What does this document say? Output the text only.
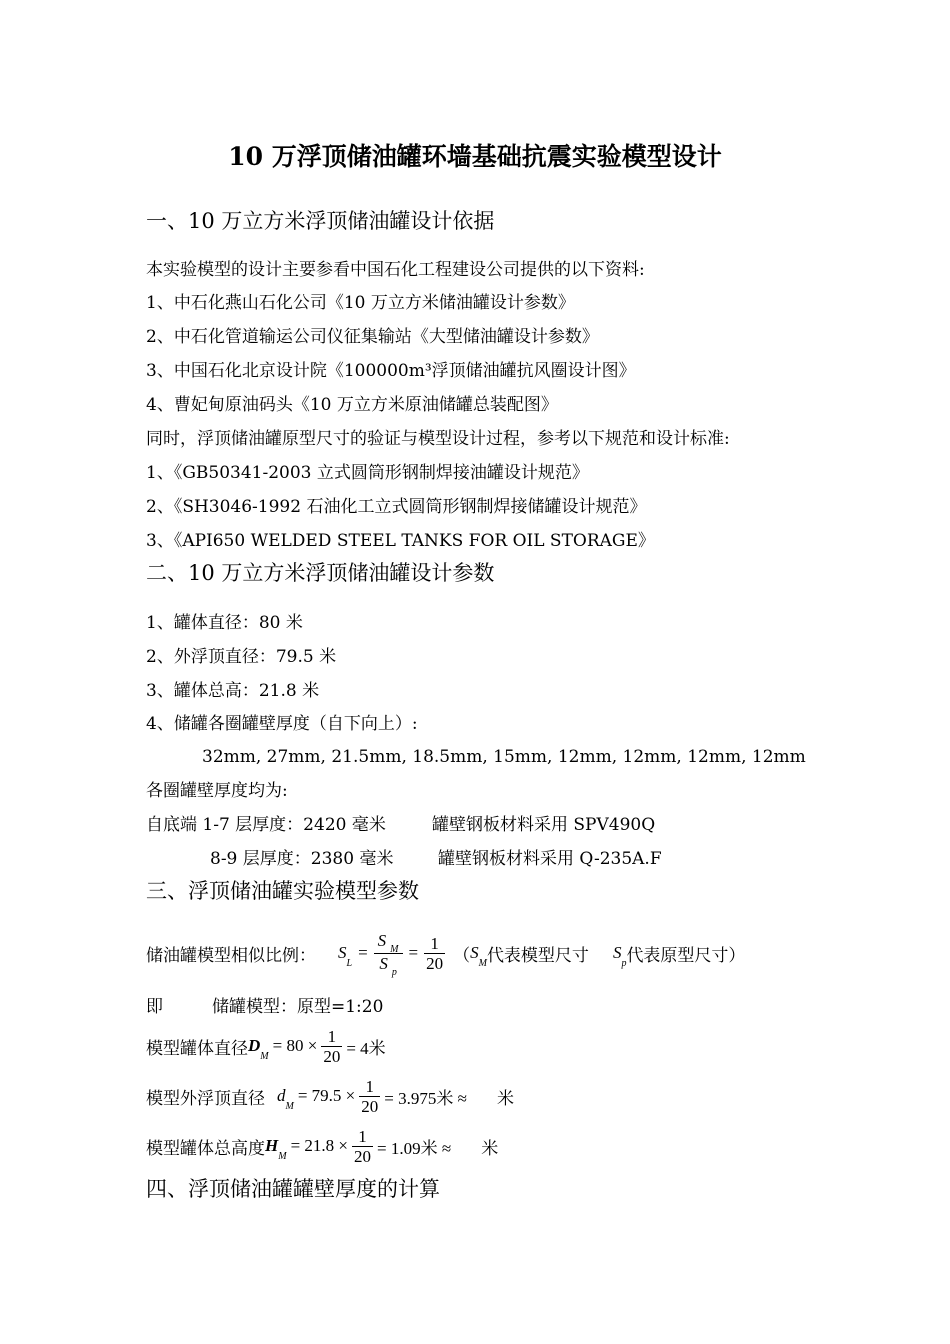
10 万浮顶储油罐环墙基础抗震实验模型设计
一、10 万立方米浮顶储油罐设计依据
本实验模型的设计主要参看中国石化工程建设公司提供的以下资料:
1、中石化燕山石化公司《10 万立方米储油罐设计参数》
2、中石化管道输运公司仪征集输站《大型储油罐设计参数》
3、中国石化北京设计院《100000m³浮顶储油罐抗风圈设计图》
4、曹妃甸原油码头《10 万立方米原油储罐总装配图》
同时，浮顶储油罐原型尺寸的验证与模型设计过程，参考以下规范和设计标准:
1、《GB50341-2003 立式圆筒形钢制焊接油罐设计规范》
2、《SH3046-1992 石油化工立式圆筒形钢制焊接储罐设计规范》
3、《API650 WELDED STEEL TANKS FOR OIL STORAGE》
二、10 万立方米浮顶储油罐设计参数
1、罐体直径：80 米
2、外浮顶直径：79.5 米
3、罐体总高：21.8 米
4、储罐各圈罐壁厚度（自下向上）:
32mm, 27mm, 21.5mm, 18.5mm, 15mm, 12mm, 12mm, 12mm, 12mm
各圈罐壁厚度均为:
自底端 1-7 层厚度：2420 毫米	罐壁钢板材料采用 SPV490Q
8-9 层厚度：2380 毫米	罐壁钢板材料采用 Q-235A.F
三、浮顶储油罐实验模型参数
储油罐模型相似比例： S
L
= $\frac{S _M}{S _p} = \frac{1}{20}$ （ S
M 代表模型尺寸 S
p 代表原型尺寸）
即	储罐模型：原型=1:20
模型罐体直径 D
M
= $80 \times \frac{1}{20} = 4$米
模型外浮顶直径 d
M
= $79.5 \times \frac{1}{20} = 3.975$米 ≈ 米
模型罐体总高度 H
M
= $21.8 \times \frac{1}{20} = 1.09$米 ≈ 米
四、浮顶储油罐罐壁厚度的计算
